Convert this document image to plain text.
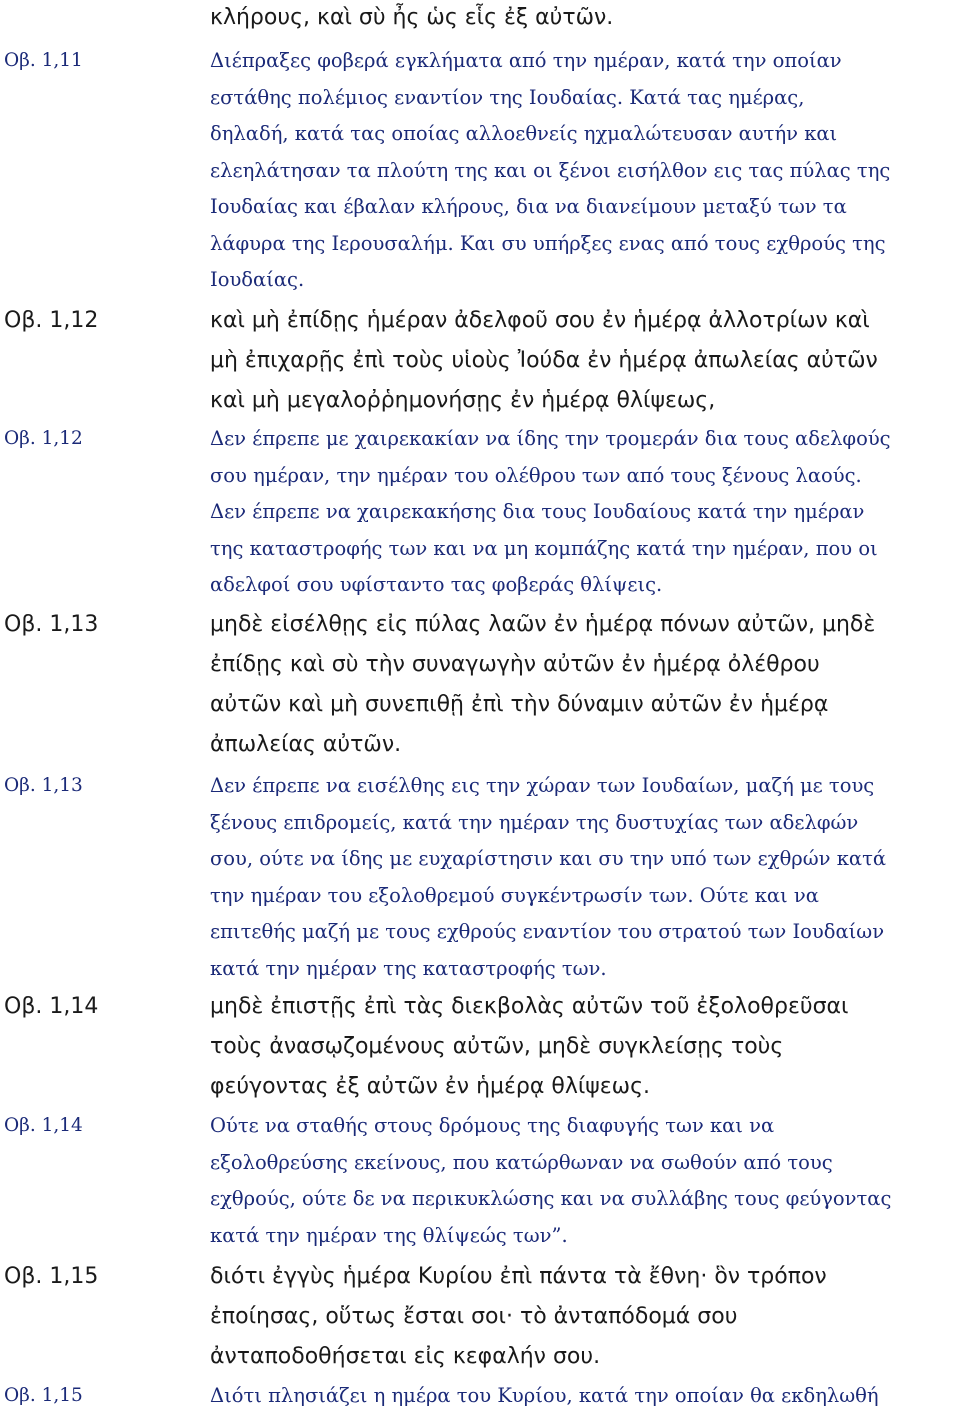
κλήρους, καὶ σὺ ἦς ὡς εἷς ἐξ αὐτῶν.
Οβ. 1,11	Διέπραξες φοβερά εγκλήματα από την ημέραν, κατά την οποίαν
εστάθης πολέμιος εναντίον της Ιουδαίας. Κατά τας ημέρας,
δηλαδή, κατά τας οποίας αλλοεθνείς ηχμαλώτευσαν αυτήν και
ελεηλάτησαν τα πλούτη της και οι ξένοι εισήλθον εις τας πύλας της
Ιουδαίας και έβαλαν κλήρους, δια να διανείμουν μεταξύ των τα
λάφυρα της Ιερουσαλήμ. Και συ υπήρξες ενας από τους εχθρούς της
Ιουδαίας.
Οβ. 1,12	καὶ μὴ ἐπίδῃς ἡμέραν ἀδελφοῦ σου ἐν ἡμέρᾳ ἀλλοτρίων καὶ
μὴ ἐπιχαρῇς ἐπὶ τοὺς υἱοὺς Ἰούδα ἐν ἡμέρᾳ ἀπωλείας αὐτῶν
καὶ μὴ μεγαλοῤῥημονήσῃς ἐν ἡμέρᾳ θλίψεως,
Οβ. 1,12	Δεν έπρεπε με χαιρεκακίαν να ίδης την τρομεράν δια τους αδελφούς
σου ημέραν, την ημέραν του ολέθρου των από τους ξένους λαούς.
Δεν έπρεπε να χαιρεκακήσης δια τους Ιουδαίους κατά την ημέραν
της καταστροφής των και να μη κομπάζης κατά την ημέραν, που οι
αδελφοί σου υφίσταντο τας φοβεράς θλίψεις.
Οβ. 1,13	μηδὲ εἰσέλθῃς εἰς πύλας λαῶν ἐν ἡμέρᾳ πόνων αὐτῶν, μηδὲ
ἐπίδῃς καὶ σὺ τὴν συναγωγὴν αὐτῶν ἐν ἡμέρᾳ ὀλέθρου
αὐτῶν καὶ μὴ συνεπιθῇ ἐπὶ τὴν δύναμιν αὐτῶν ἐν ἡμέρᾳ
ἀπωλείας αὐτῶν.
Οβ. 1,13	Δεν έπρεπε να εισέλθης εις την χώραν των Ιουδαίων, μαζή με τους
ξένους επιδρομείς, κατά την ημέραν της δυστυχίας των αδελφών
σου, ούτε να ίδης με ευχαρίστησιν και συ την υπό των εχθρών κατά
την ημέραν του εξολοθρεμού συγκέντρωσίν των. Ούτε και να
επιτεθής μαζή με τους εχθρούς εναντίον του στρατού των Ιουδαίων
κατά την ημέραν της καταστροφής των.
Οβ. 1,14	μηδὲ ἐπιστῇς ἐπὶ τὰς διεκβολὰς αὐτῶν τοῦ ἐξολοθρεῦσαι
τοὺς ἀνασῳζομένους αὐτῶν, μηδὲ συγκλείσῃς τοὺς
φεύγοντας ἐξ αὐτῶν ἐν ἡμέρᾳ θλίψεως.
Οβ. 1,14	Ούτε να σταθής στους δρόμους της διαφυγής των και να
εξολοθρεύσης εκείνους, που κατώρθωναν να σωθούν από τους
εχθρούς, ούτε δε να περικυκλώσης και να συλλάβης τους φεύγοντας
κατά την ημέραν της θλίψεώς των”.
Οβ. 1,15	διότι ἐγγὺς ἡμέρα Κυρίου ἐπὶ πάντα τὰ ἔθνη· ὃν τρόπον
ἐποίησας, οὕτως ἔσται σοι· τὸ ἀνταπόδομά σου
ἀνταποδοθήσεται εἰς κεφαλήν σου.
Οβ. 1,15	Διότι πλησιάζει η ημέρα του Κυρίου, κατά την οποίαν θα εκδηλωθή
